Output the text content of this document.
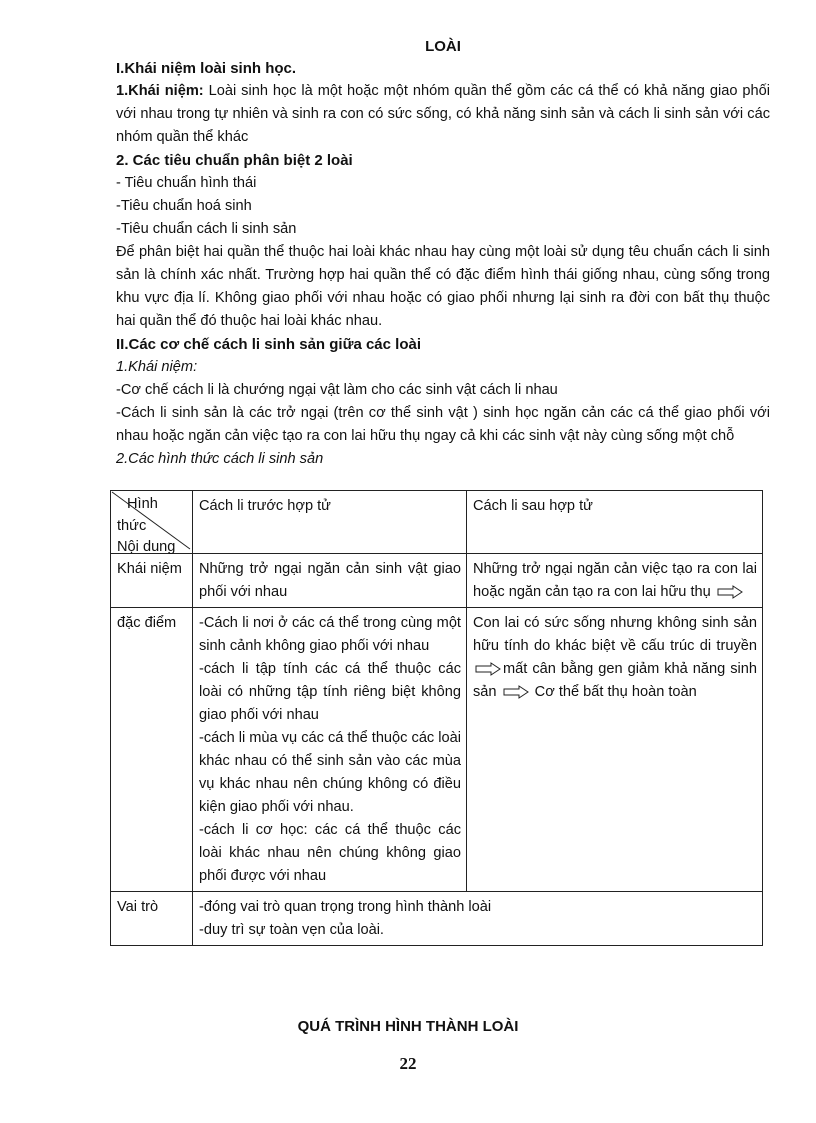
LOÀI
I.Khái niệm loài sinh học.

1.Khái niệm: Loài sinh học là một hoặc một nhóm quần thể gồm các cá thể có khả năng giao phối với nhau trong tự nhiên và sinh ra con có sức sống, có khả năng sinh sản và cách li sinh sản với các nhóm quần thể khác

2. Các tiêu chuẩn phân biệt 2 loài

- Tiêu chuẩn hình thái

-Tiêu chuẩn hoá sinh

-Tiêu chuẩn cách li sinh sản

Để phân biệt hai quần thể thuộc hai loài khác nhau hay cùng một loài sử dụng têu chuẩn cách li sinh sản là chính xác nhất. Trường hợp hai quần thể có đặc điểm hình thái giống nhau, cùng sống trong khu vực địa lí. Không giao phối với nhau hoặc có giao phối nhưng lại sinh ra đời con bất thụ thuộc hai quần thể đó thuộc hai loài khác nhau.

II.Các cơ chế cách li sinh sản giữa các loài

1.Khái niệm:

-Cơ chế cách li là chướng ngại vật làm cho các sinh vật cách li nhau

-Cách li sinh sản là các trở ngại (trên cơ thể sinh vật ) sinh học ngăn cản các cá thể giao phối với nhau hoặc ngăn cản việc tạo ra con lai hữu thụ ngay cả khi các sinh vật này cùng sống một chỗ

2.Các hình thức cách li sinh sản

Hình
thức
Nội dung	Cách li trước hợp tử	Cách li sau hợp tử
Khái niệm	Những trở ngại ngăn cản sinh vật giao phối với nhau	Những trở ngại ngăn cản việc tạo ra con lai hoặc ngăn cản tạo ra con lai hữu thụ
đặc điểm	-Cách li nơi ở các cá thể trong cùng một sinh cảnh không giao phối với nhau
-cách li tập tính các cá thể thuộc các loài có những tập tính riêng biệt không giao phối với nhau
-cách li mùa vụ các cá thể thuộc các loài khác nhau có thể sinh sản vào các mùa vụ khác nhau nên chúng không có điều kiện giao phối với nhau.
-cách li cơ học: các cá thể thuộc các loài khác nhau nên chúng không giao phối được với nhau	Con lai có sức sống nhưng không sinh sản hữu tính do khác biệt về cấu trúc di truyềnmất cân bằng gen giảm khả năng sinh sản Cơ thể bất thụ hoàn toàn
Vai trò	-đóng vai trò quan trọng trong hình thành loài
-duy trì sự toàn vẹn của loài.	
QUÁ TRÌNH HÌNH THÀNH LOÀI
22
